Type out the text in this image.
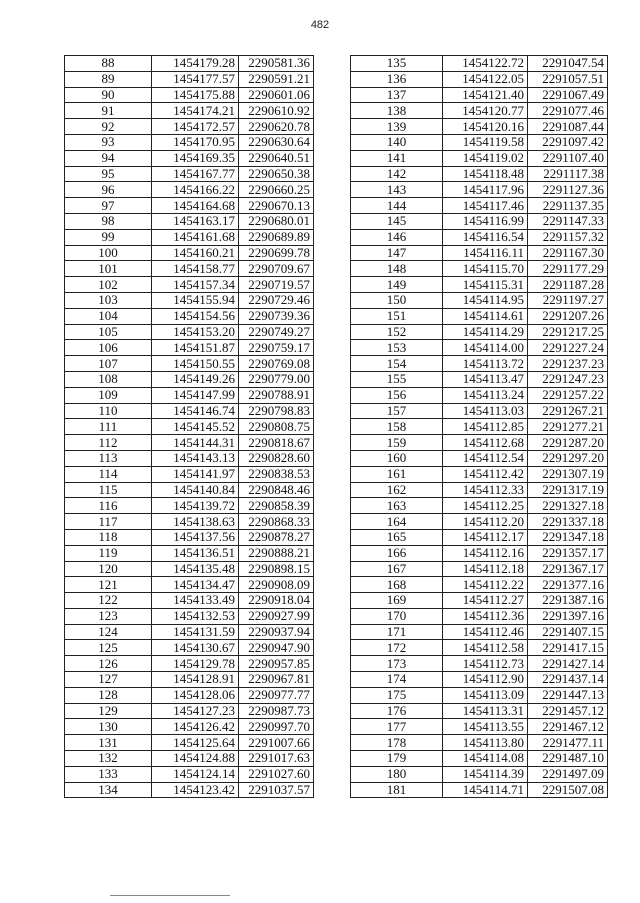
482
88	1454179.28	2290581.36
89	1454177.57	2290591.21
90	1454175.88	2290601.06
91	1454174.21	2290610.92
92	1454172.57	2290620.78
93	1454170.95	2290630.64
94	1454169.35	2290640.51
95	1454167.77	2290650.38
96	1454166.22	2290660.25
97	1454164.68	2290670.13
98	1454163.17	2290680.01
99	1454161.68	2290689.89
100	1454160.21	2290699.78
101	1454158.77	2290709.67
102	1454157.34	2290719.57
103	1454155.94	2290729.46
104	1454154.56	2290739.36
105	1454153.20	2290749.27
106	1454151.87	2290759.17
107	1454150.55	2290769.08
108	1454149.26	2290779.00
109	1454147.99	2290788.91
110	1454146.74	2290798.83
111	1454145.52	2290808.75
112	1454144.31	2290818.67
113	1454143.13	2290828.60
114	1454141.97	2290838.53
115	1454140.84	2290848.46
116	1454139.72	2290858.39
117	1454138.63	2290868.33
118	1454137.56	2290878.27
119	1454136.51	2290888.21
120	1454135.48	2290898.15
121	1454134.47	2290908.09
122	1454133.49	2290918.04
123	1454132.53	2290927.99
124	1454131.59	2290937.94
125	1454130.67	2290947.90
126	1454129.78	2290957.85
127	1454128.91	2290967.81
128	1454128.06	2290977.77
129	1454127.23	2290987.73
130	1454126.42	2290997.70
131	1454125.64	2291007.66
132	1454124.88	2291017.63
133	1454124.14	2291027.60
134	1454123.42	2291037.57
135	1454122.72	2291047.54
136	1454122.05	2291057.51
137	1454121.40	2291067.49
138	1454120.77	2291077.46
139	1454120.16	2291087.44
140	1454119.58	2291097.42
141	1454119.02	2291107.40
142	1454118.48	2291117.38
143	1454117.96	2291127.36
144	1454117.46	2291137.35
145	1454116.99	2291147.33
146	1454116.54	2291157.32
147	1454116.11	2291167.30
148	1454115.70	2291177.29
149	1454115.31	2291187.28
150	1454114.95	2291197.27
151	1454114.61	2291207.26
152	1454114.29	2291217.25
153	1454114.00	2291227.24
154	1454113.72	2291237.23
155	1454113.47	2291247.23
156	1454113.24	2291257.22
157	1454113.03	2291267.21
158	1454112.85	2291277.21
159	1454112.68	2291287.20
160	1454112.54	2291297.20
161	1454112.42	2291307.19
162	1454112.33	2291317.19
163	1454112.25	2291327.18
164	1454112.20	2291337.18
165	1454112.17	2291347.18
166	1454112.16	2291357.17
167	1454112.18	2291367.17
168	1454112.22	2291377.16
169	1454112.27	2291387.16
170	1454112.36	2291397.16
171	1454112.46	2291407.15
172	1454112.58	2291417.15
173	1454112.73	2291427.14
174	1454112.90	2291437.14
175	1454113.09	2291447.13
176	1454113.31	2291457.12
177	1454113.55	2291467.12
178	1454113.80	2291477.11
179	1454114.08	2291487.10
180	1454114.39	2291497.09
181	1454114.71	2291507.08
